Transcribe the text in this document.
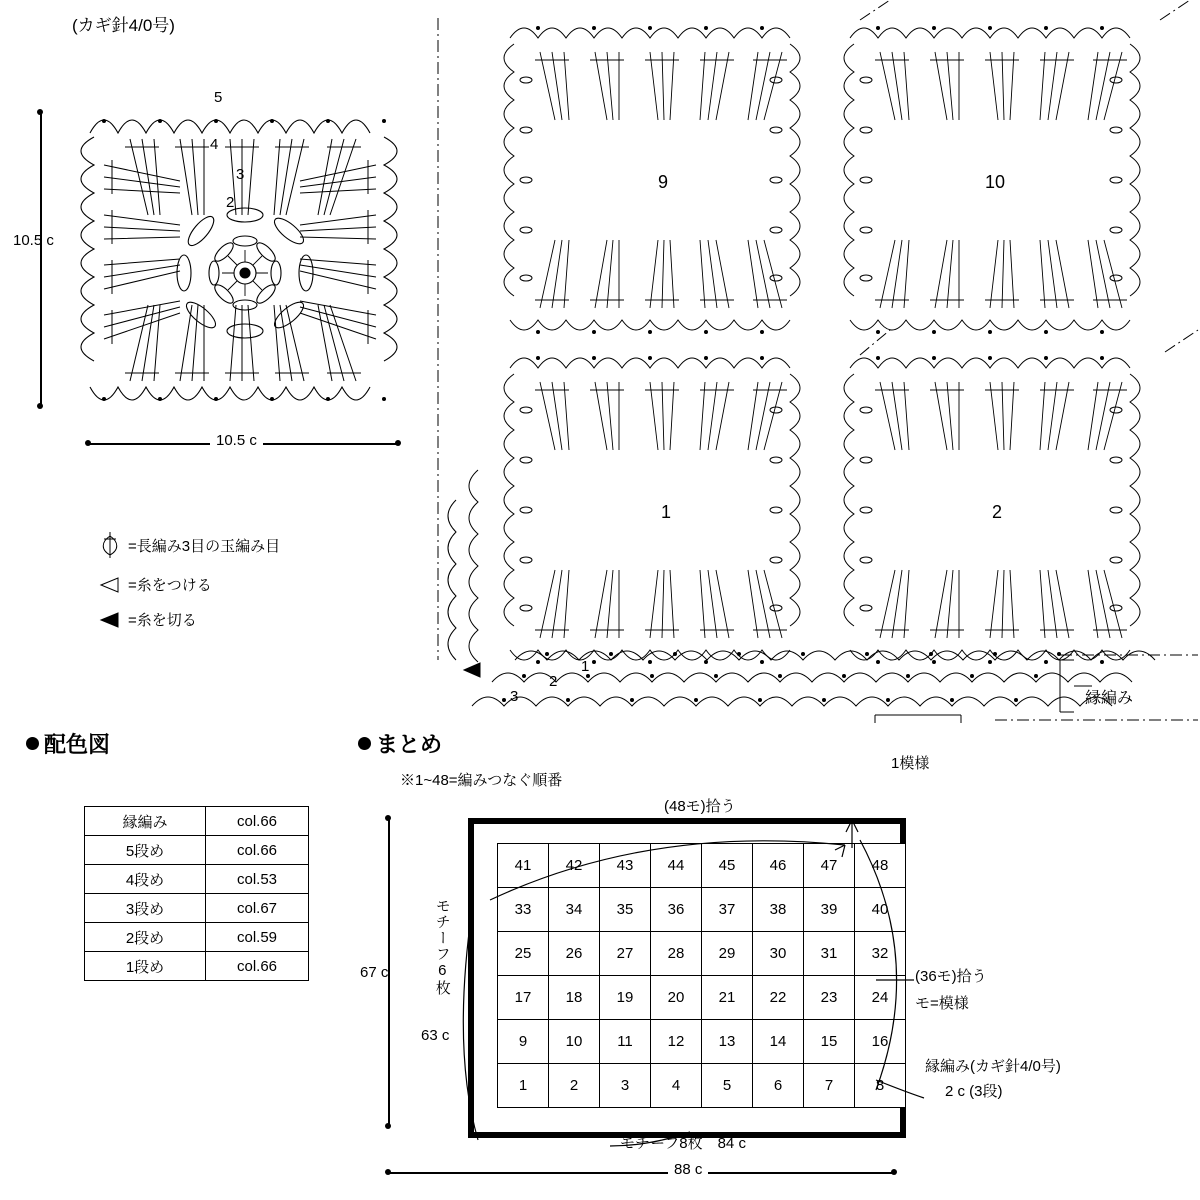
(カギ針4/0号)
5
4
3
2
10.5 c
10.5 c
=長編み3目の玉編み目
=糸をつける
=糸を切る
9	10
1	2
1
2
3	縁編み
1模様
配色図
縁編み	col.66
5段め	col.66
4段め	col.53
3段め	col.67
2段め	col.59
1段め	col.66
まとめ
※1~48=編みつなぐ順番
41	42	43	44	45	46	47	48
33	34	35	36	37	38	39	40
25	26	27	28	29	30	31	32
17	18	19	20	21	22	23	24
9	10	11	12	13	14	15	16
1	2	3	4	5	6	7	8
(48モ)拾う
(36モ)拾う
モ=模様
縁編み(カギ針4/0号)
2 c (3段)
モチーフ6枚
67 c
63 c
モチーフ8枚　84 c
88 c
